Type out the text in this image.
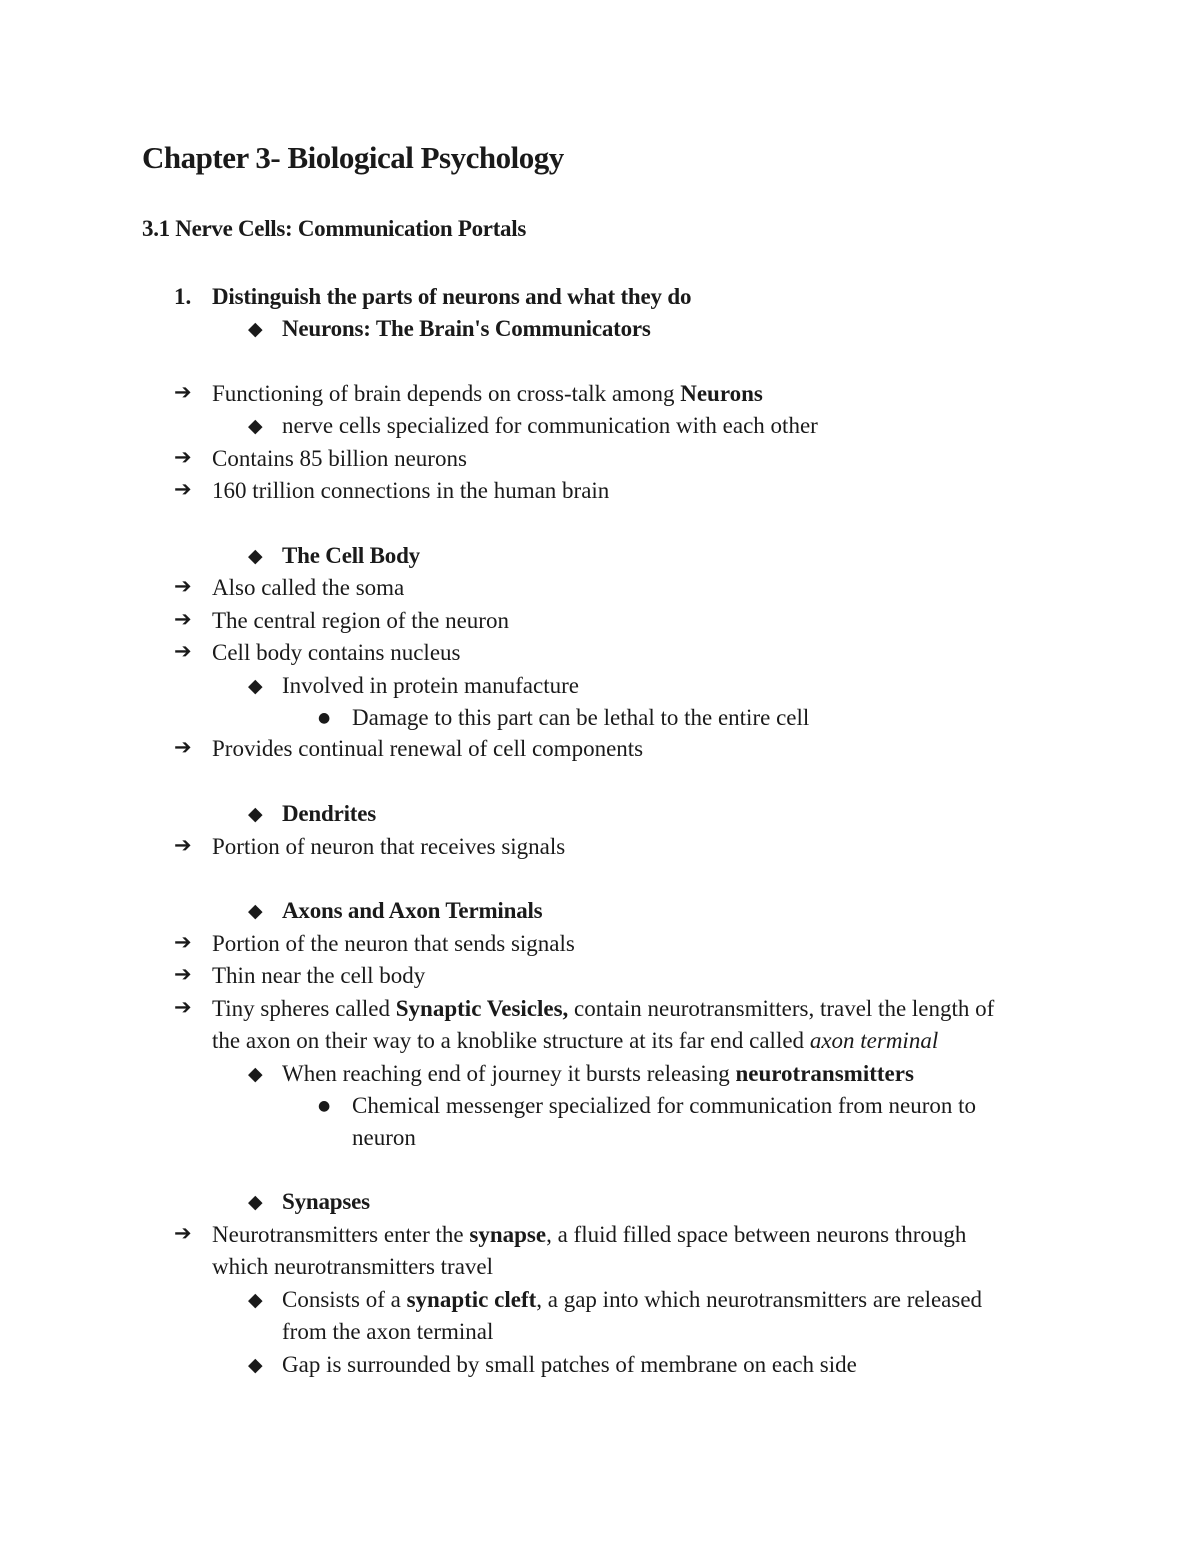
Chapter 3- Biological Psychology
3.1 Nerve Cells: Communication Portals
1. Distinguish the parts of neurons and what they do
◆ Neurons: The Brain's Communicators
➔ Functioning of brain depends on cross-talk among Neurons
◆ nerve cells specialized for communication with each other
➔ Contains 85 billion neurons
➔ 160 trillion connections in the human brain
◆ The Cell Body
➔ Also called the soma
➔ The central region of the neuron
➔ Cell body contains nucleus
◆ Involved in protein manufacture
● Damage to this part can be lethal to the entire cell
➔ Provides continual renewal of cell components
◆ Dendrites
➔ Portion of neuron that receives signals
◆ Axons and Axon Terminals
➔ Portion of the neuron that sends signals
➔ Thin near the cell body
➔ Tiny spheres called Synaptic Vesicles, contain neurotransmitters, travel the length of
the axon on their way to a knoblike structure at its far end called axon terminal
◆ When reaching end of journey it bursts releasing neurotransmitters
● Chemical messenger specialized for communication from neuron to
neuron
◆ Synapses
➔ Neurotransmitters enter the synapse, a fluid filled space between neurons through
which neurotransmitters travel
◆ Consists of a synaptic cleft, a gap into which neurotransmitters are released
from the axon terminal
◆ Gap is surrounded by small patches of membrane on each side
